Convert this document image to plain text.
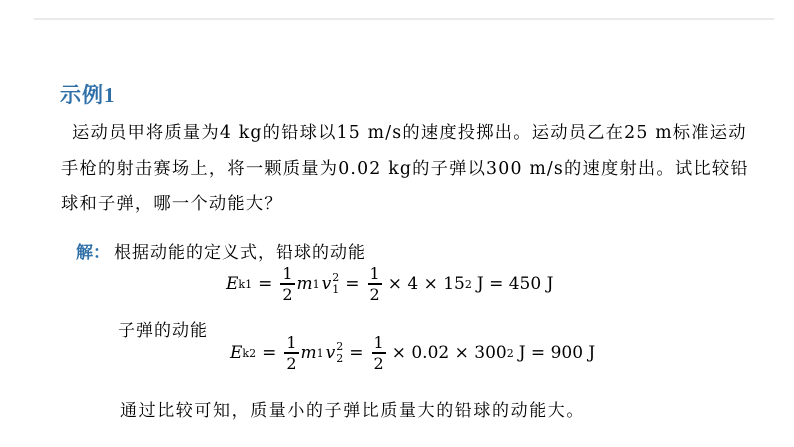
示例1
运动员甲将质量为4 kg的铅球以15 m/s的速度投掷出。运动员乙在25 m标准运动
手枪的射击赛场上，将一颗质量为0.02 kg的子弹以300 m/s的速度射出。试比较铅
球和子弹，哪一个动能大？
解： 根据动能的定义式，铅球的动能
E $k1 = \frac{1}{2}$ m 1 v 2
$1 = \frac{1}{2} \times 4 \times 15$ 2 J = 450 J
子弹的动能
E $k2 = \frac{1}{2}$ m 1 v 2
$2 = \frac{1}{2} \times 0.02 \times 300$ 2 J = 900 J
通过比较可知，质量小的子弹比质量大的铅球的动能大。
